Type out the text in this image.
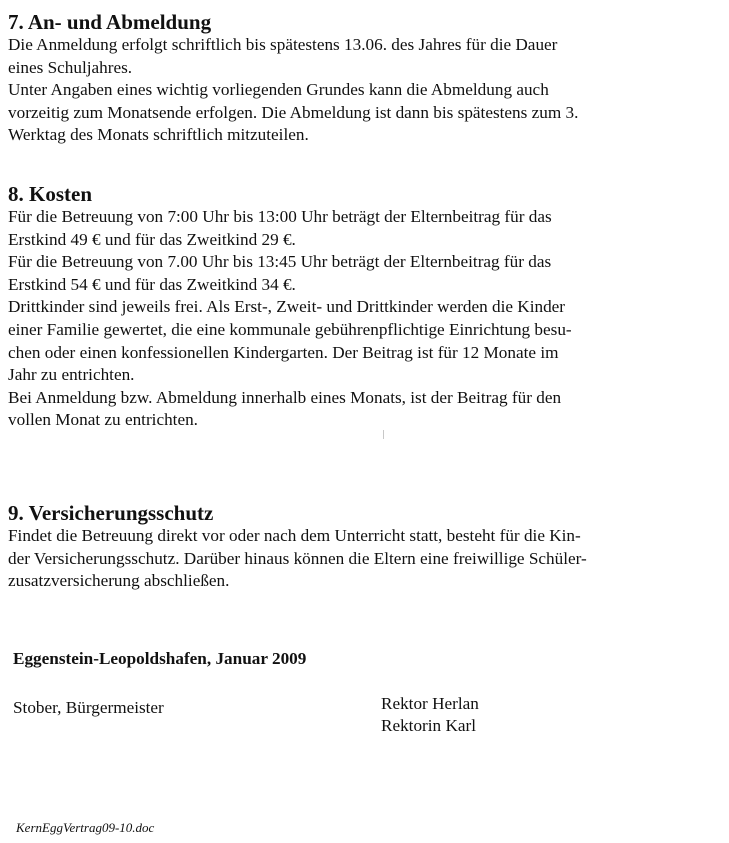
7. An- und Abmeldung
Die Anmeldung erfolgt schriftlich bis spätestens 13.06. des Jahres für die Dauer
eines Schuljahres.
Unter Angaben eines wichtig vorliegenden Grundes kann die Abmeldung auch
vorzeitig zum Monatsende erfolgen. Die Abmeldung ist dann bis spätestens zum 3.
Werktag des Monats schriftlich mitzuteilen.
8. Kosten
Für die Betreuung von 7:00 Uhr bis 13:00 Uhr beträgt der Elternbeitrag für das
Erstkind 49 € und für das Zweitkind 29 €.
Für die Betreuung von 7.00 Uhr bis 13:45 Uhr beträgt der Elternbeitrag für das
Erstkind 54 € und für das Zweitkind 34 €.
Drittkinder sind jeweils frei. Als Erst-, Zweit- und Drittkinder werden die Kinder
einer Familie gewertet, die eine kommunale gebührenpflichtige Einrichtung besu-
chen oder einen konfessionellen Kindergarten. Der Beitrag ist für 12 Monate im
Jahr zu entrichten.
Bei Anmeldung bzw. Abmeldung innerhalb eines Monats, ist der Beitrag für den
vollen Monat zu entrichten.
9. Versicherungsschutz
Findet die Betreuung direkt vor oder nach dem Unterricht statt, besteht für die Kin-
der Versicherungsschutz. Darüber hinaus können die Eltern eine freiwillige Schüler-
zusatzversicherung abschließen.
Eggenstein-Leopoldshafen, Januar 2009
Stober, Bürgermeister	Rektor Herlan
Rektorin Karl
KernEggVertrag09-10.doc
